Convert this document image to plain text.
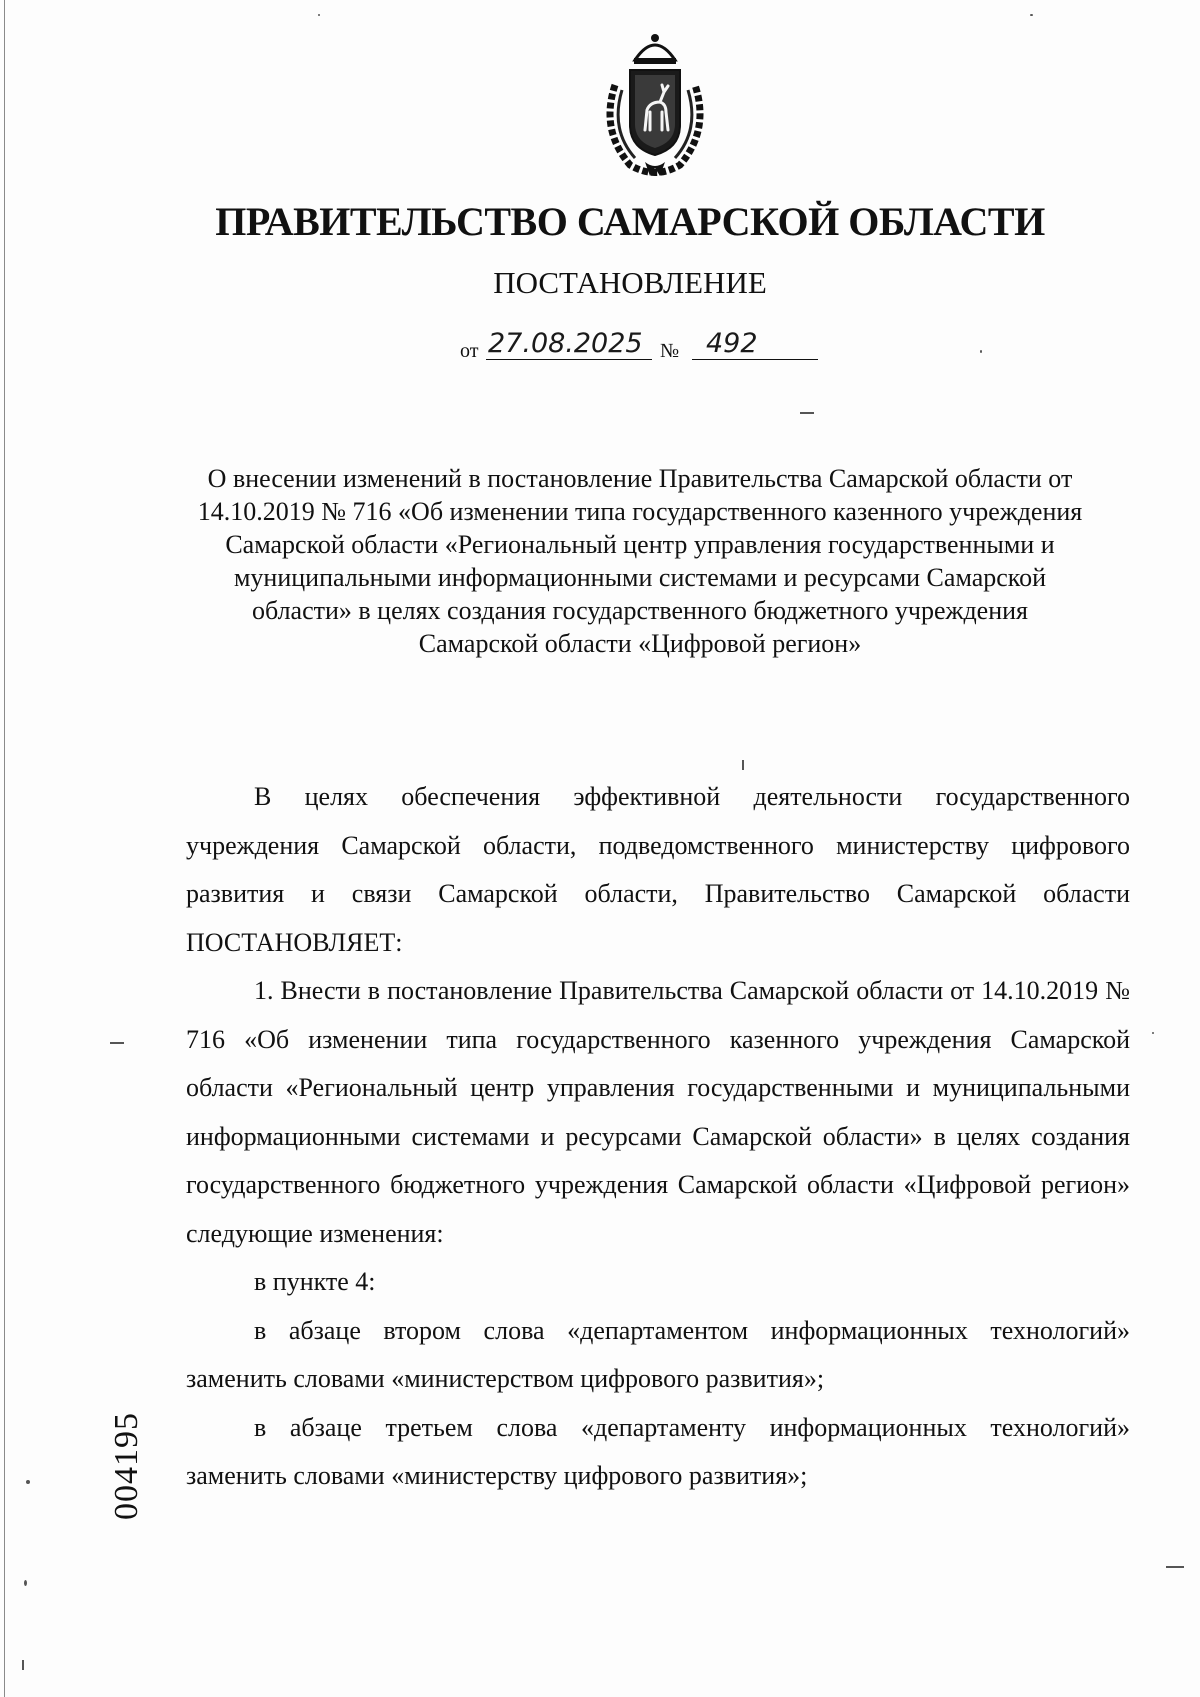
ПРАВИТЕЛЬСТВО САМАРСКОЙ ОБЛАСТИ
ПОСТАНОВЛЕНИЕ
от 27.08.2025 № 492
О внесении изменений в постановление Правительства Самарской области от 14.10.2019 № 716 «Об изменении типа государственного казенного учреждения Самарской области «Региональный центр управления государственными и муниципальными информационными системами и ресурсами Самарской области» в целях создания государственного бюджетного учреждения Самарской области «Цифровой регион»

В целях обеспечения эффективной деятельности государственного учреждения Самарской области, подведомственного министерству цифрового развития и связи Самарской области, Правительство Самарской области ПОСТАНОВЛЯЕТ:

1. Внести в постановление Правительства Самарской области от 14.10.2019 № 716 «Об изменении типа государственного казенного учреждения Самарской области «Региональный центр управления государственными и муниципальными информационными системами и ресурсами Самарской области» в целях создания государственного бюджетного учреждения Самарской области «Цифровой регион» следующие изменения:

в пункте 4:

в абзаце втором слова «департаментом информационных технологий» заменить словами «министерством цифрового развития»;

в абзаце третьем слова «департаменту информационных технологий» заменить словами «министерству цифрового развития»;

004195
